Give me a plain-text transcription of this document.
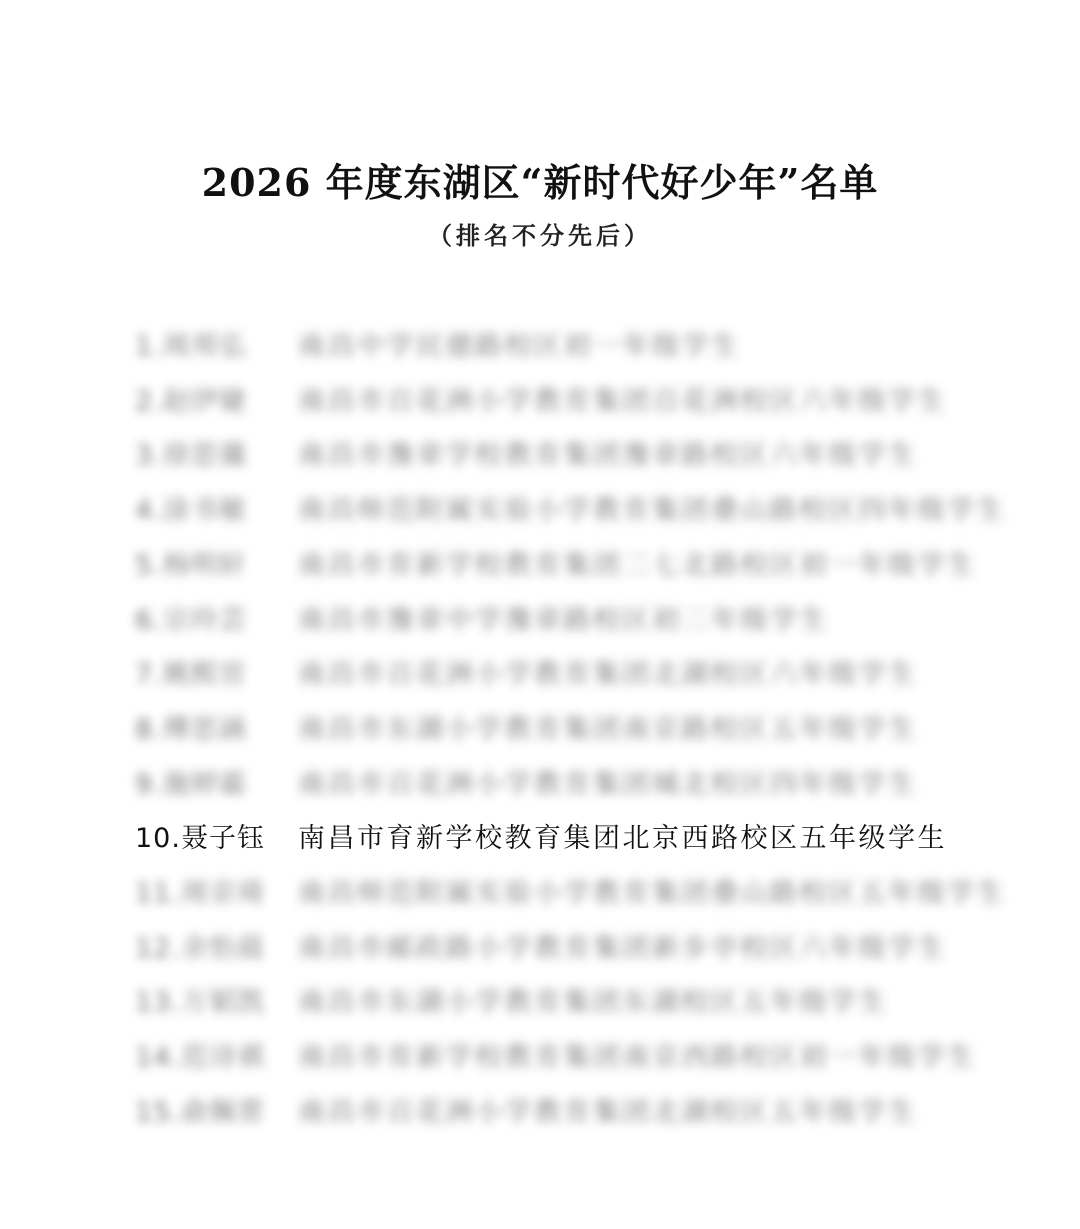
2026 年度东湖区“新时代好少年”名单
（排名不分先后）
1.周邦弘 南昌中学民德路校区初一年级学生
2.赵伊婕 南昌市百花洲小学教育集团百花洲校区六年级学生
3.徐思儀 南昌市豫章学校教育集团豫章路校区六年级学生
4.涂书敏 南昌师范附属实验小学教育集团叠山路校区四年级学生
5.杨明轩 南昌市育新学校教育集团二七北路校区初一年级学生
6.宗玲芸 南昌市豫章中学豫章路校区初二年级学生
7.姚熙官 南昌市百花洲小学教育集团北湖校区六年级学生
8.傅思涵 南昌市东湖小学教育集团南京路校区五年级学生
9.施婷霜 南昌市百花洲小学教育集团城北校区四年级学生
10.聂子钰 南昌市育新学校教育集团北京西路校区五年级学生
11.周京琦 南昌师范附属实验小学教育集团叠山路校区五年级学生
12.余怡晨 南昌市邮政路小学教育集团新步亭校区六年级学生
13.万韬凯 南昌市东湖小学教育集团东湖校区五年级学生
14.范诗祺 南昌市育新学校教育集团南京西路校区初一年级学生
15.俞佩菅 南昌市百花洲小学教育集团北湖校区五年级学生
